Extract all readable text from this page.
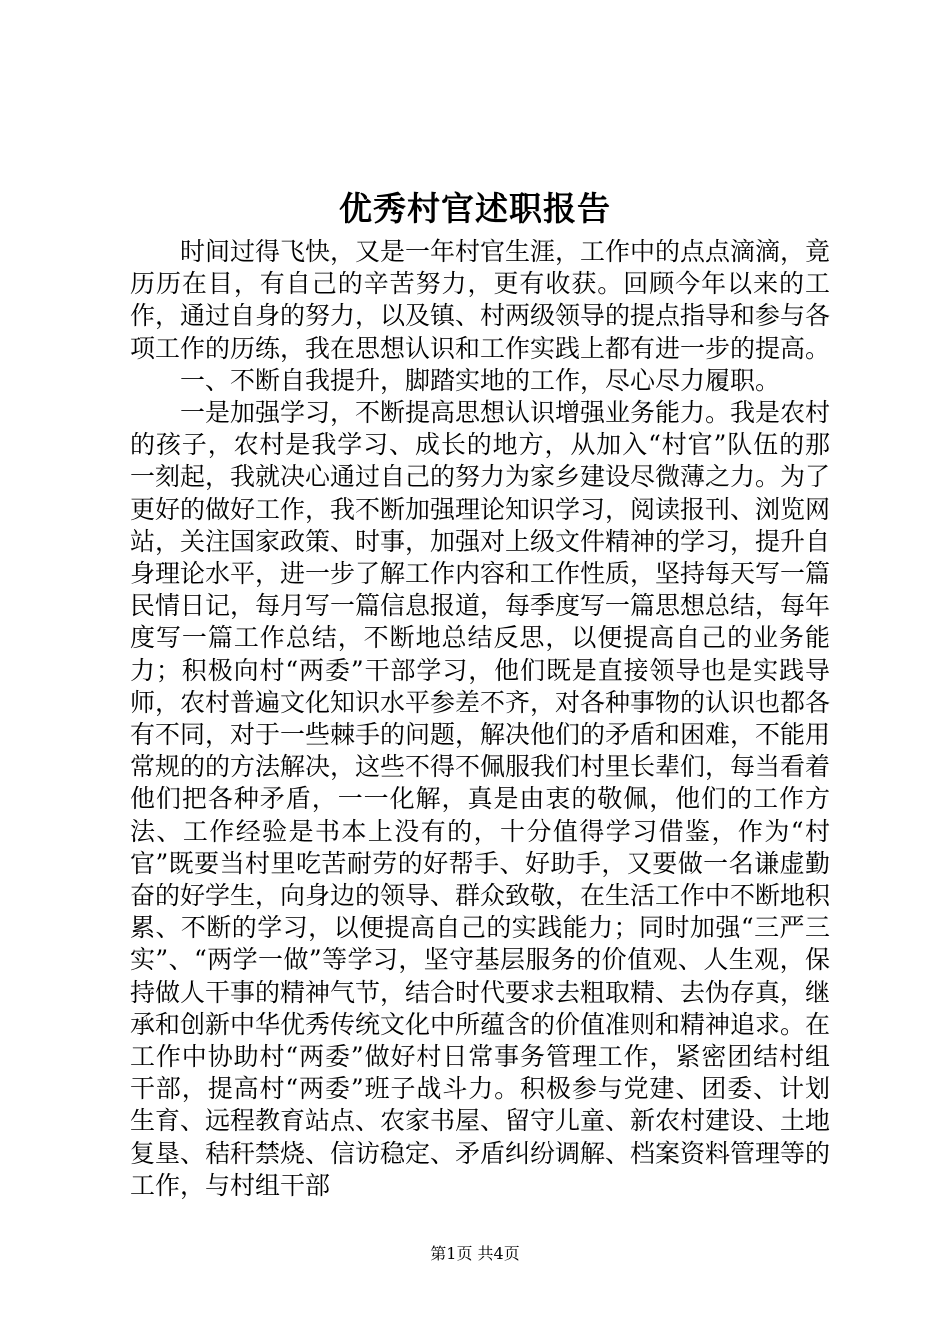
优秀村官述职报告

时间过得飞快，又是一年村官生涯，工作中的点点滴滴，竟历历在目，有自己的辛苦努力，更有收获。回顾今年以来的工作，通过自身的努力，以及镇、村两级领导的提点指导和参与各项工作的历练，我在思想认识和工作实践上都有进一步的提高。

一、不断自我提升，脚踏实地的工作，尽心尽力履职。

一是加强学习，不断提高思想认识增强业务能力。我是农村的孩子，农村是我学习、成长的地方，从加入“村官”队伍的那一刻起，我就决心通过自己的努力为家乡建设尽微薄之力。为了更好的做好工作，我不断加强理论知识学习，阅读报刊、浏览网站，关注国家政策、时事，加强对上级文件精神的学习，提升自身理论水平，进一步了解工作内容和工作性质，坚持每天写一篇民情日记，每月写一篇信息报道，每季度写一篇思想总结，每年度写一篇工作总结，不断地总结反思，以便提高自己的业务能力；积极向村“两委”干部学习，他们既是直接领导也是实践导师，农村普遍文化知识水平参差不齐，对各种事物的认识也都各有不同，对于一些棘手的问题，解决他们的矛盾和困难，不能用常规的的方法解决，这些不得不佩服我们村里长辈们，每当看着他们把各种矛盾，一一化解，真是由衷的敬佩，他们的工作方法、工作经验是书本上没有的，十分值得学习借鉴，作为“村官”既要当村里吃苦耐劳的好帮手、好助手，又要做一名谦虚勤奋的好学生，向身边的领导、群众致敬，在生活工作中不断地积累、不断的学习，以便提高自己的实践能力；同时加强“三严三实”、“两学一做”等学习，坚守基层服务的价值观、人生观，保持做人干事的精神气节，结合时代要求去粗取精、去伪存真，继承和创新中华优秀传统文化中所蕴含的价值准则和精神追求。在工作中协助村“两委”做好村日常事务管理工作，紧密团结村组干部，提高村“两委”班子战斗力。积极参与党建、团委、计划生育、远程教育站点、农家书屋、留守儿童、新农村建设、土地复垦、秸秆禁烧、信访稳定、矛盾纠纷调解、档案资料管理等的工作，与村组干部

第1页 共4页
